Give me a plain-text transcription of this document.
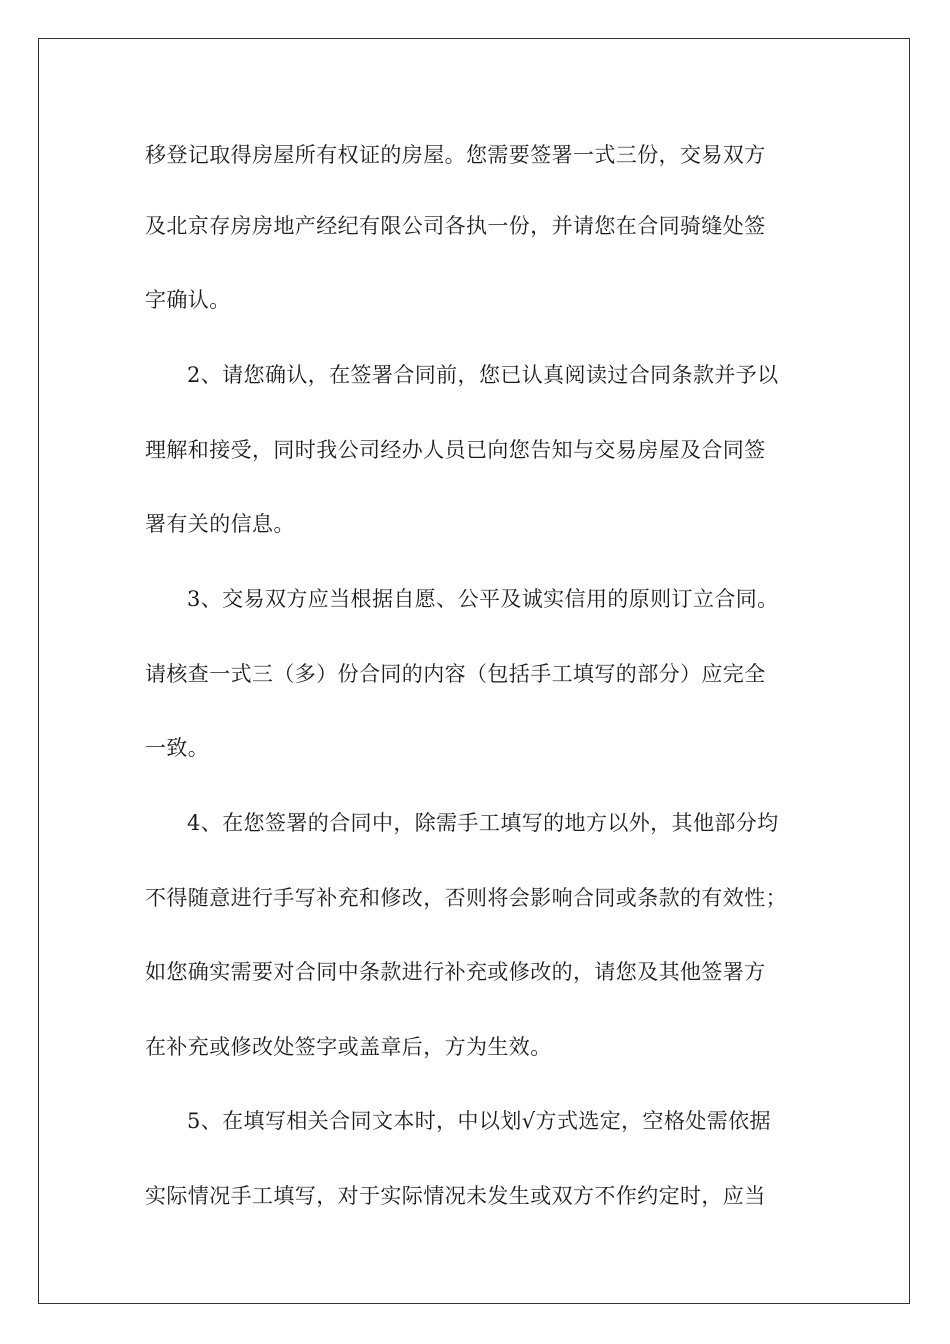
移登记取得房屋所有权证的房屋。您需要签署一式三份，交易双方
及北京存房房地产经纪有限公司各执一份，并请您在合同骑缝处签
字确认。
2、请您确认，在签署合同前，您已认真阅读过合同条款并予以
理解和接受，同时我公司经办人员已向您告知与交易房屋及合同签
署有关的信息。
3、交易双方应当根据自愿、公平及诚实信用的原则订立合同。
请核查一式三（多）份合同的内容（包括手工填写的部分）应完全
一致。
4、在您签署的合同中，除需手工填写的地方以外，其他部分均
不得随意进行手写补充和修改，否则将会影响合同或条款的有效性；
如您确实需要对合同中条款进行补充或修改的，请您及其他签署方
在补充或修改处签字或盖章后，方为生效。
5、在填写相关合同文本时，中以划√方式选定，空格处需依据
实际情况手工填写，对于实际情况未发生或双方不作约定时，应当
